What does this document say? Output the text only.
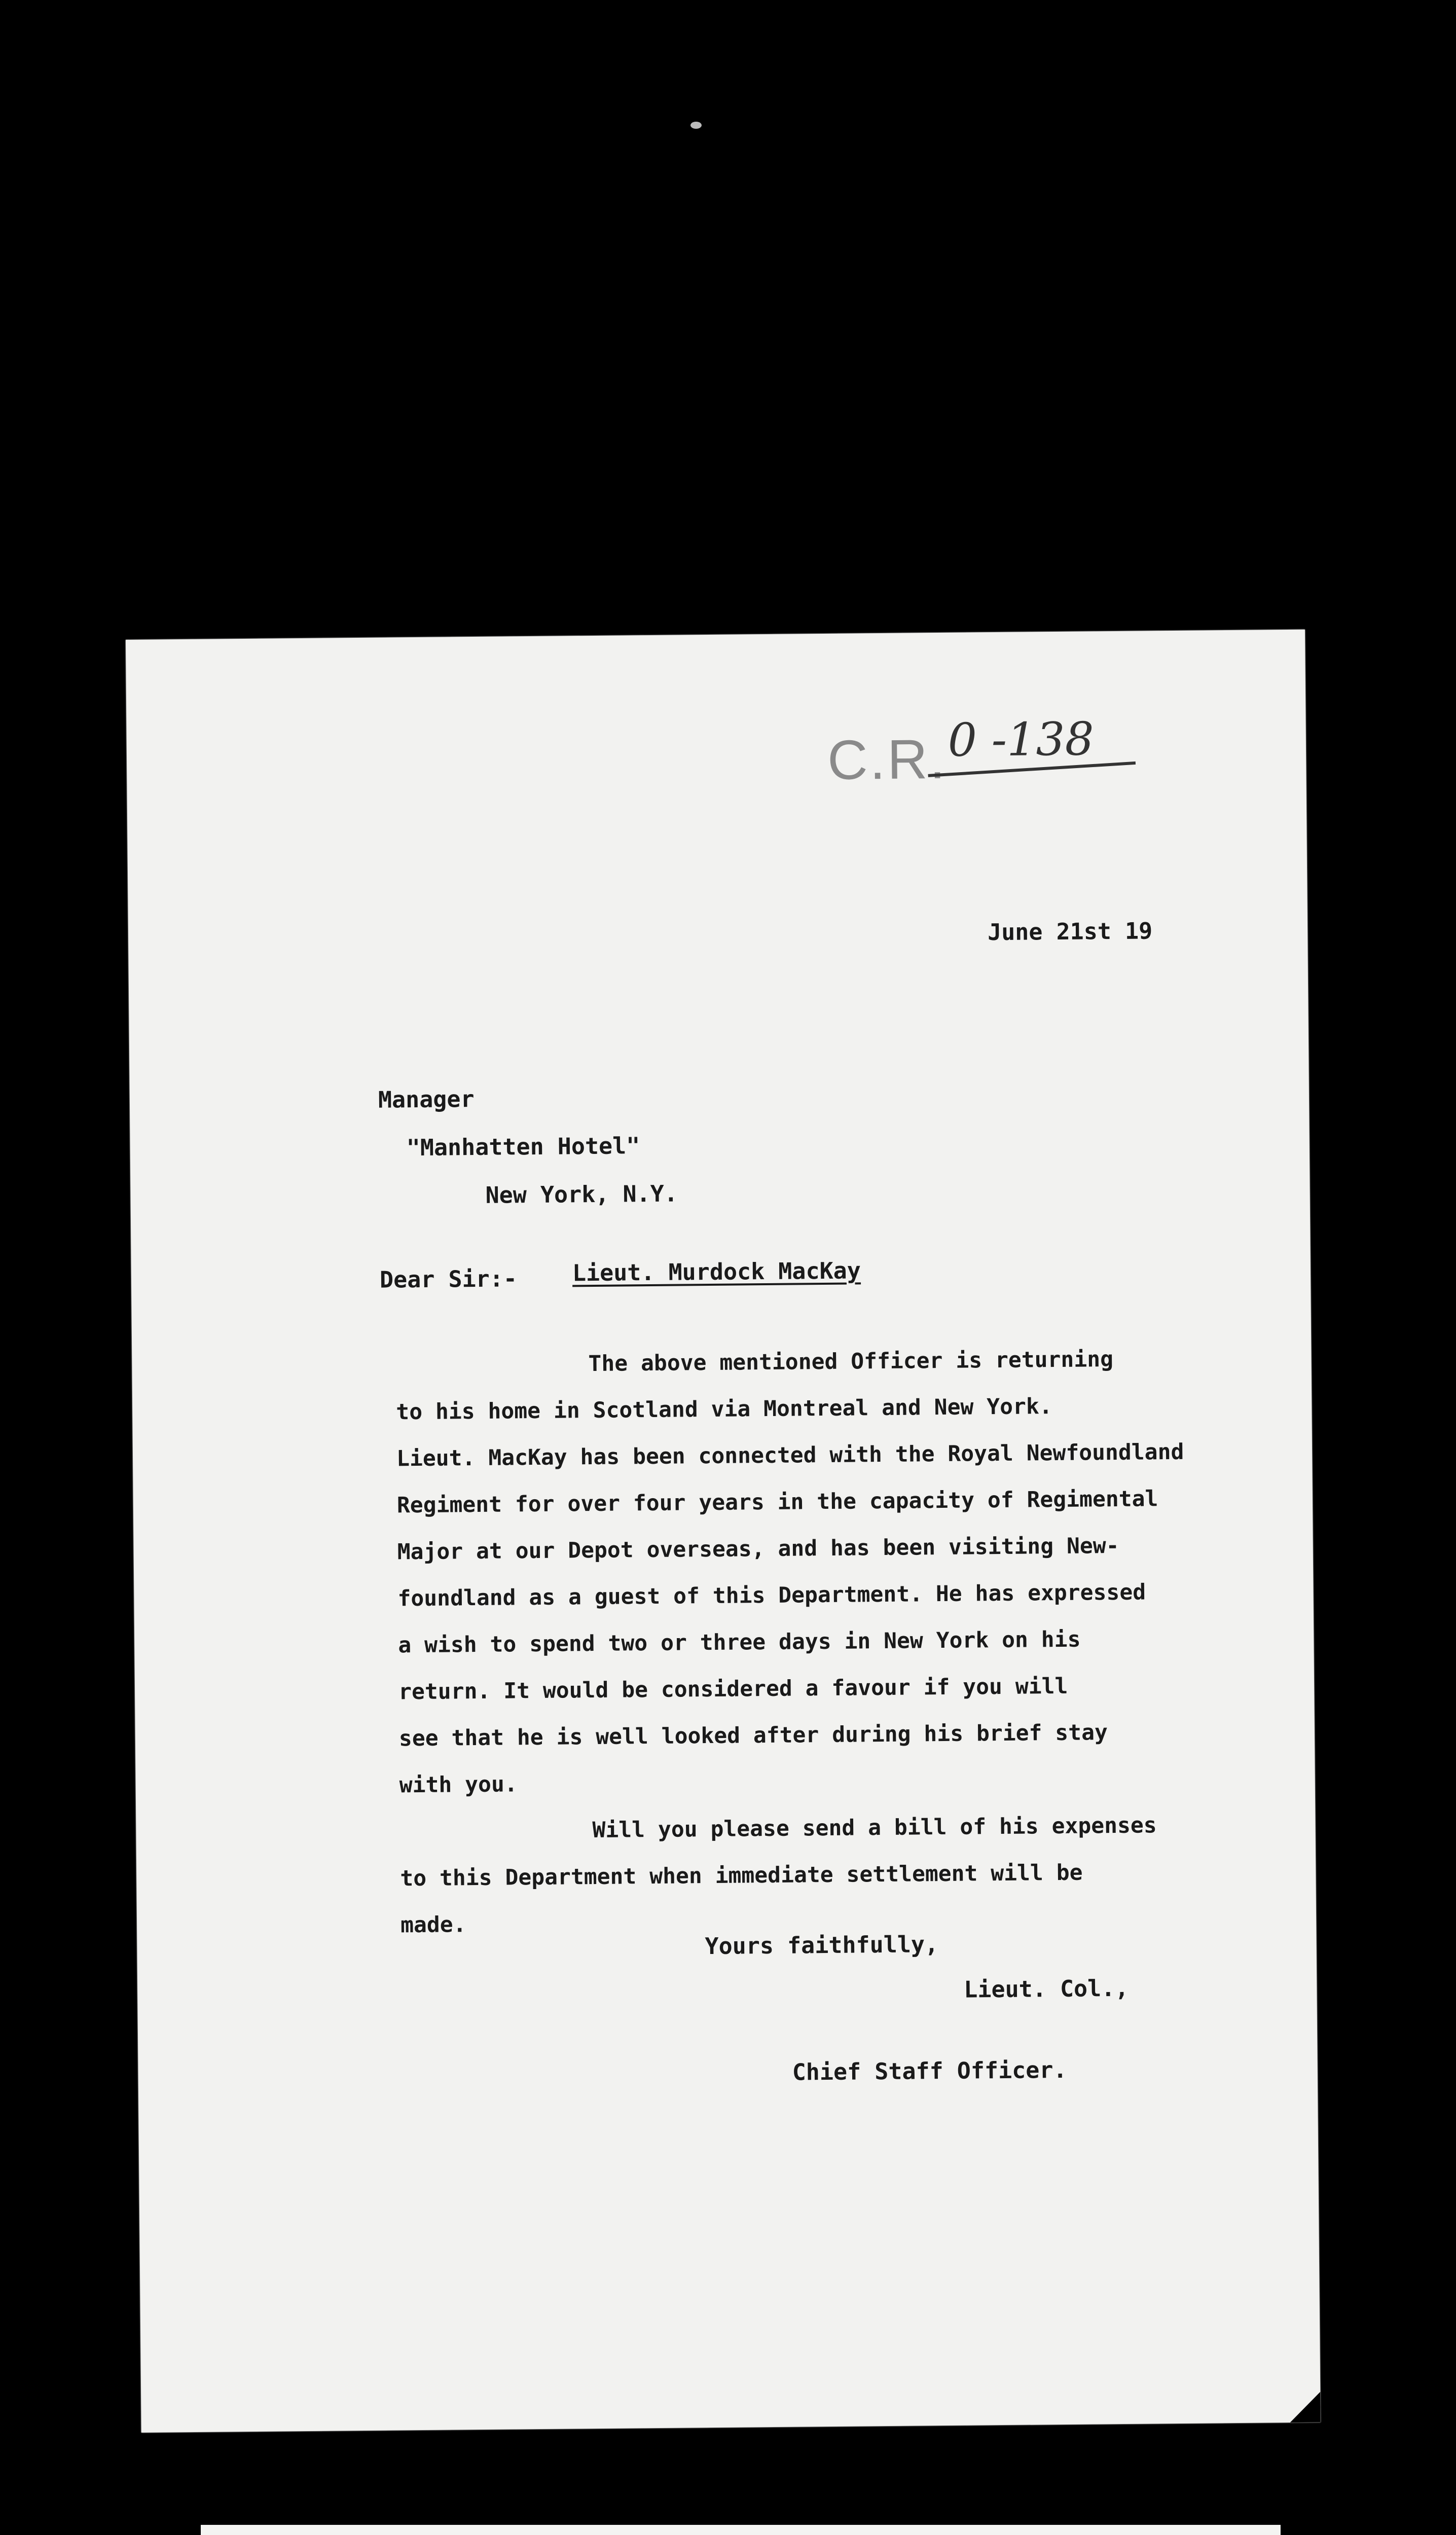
C.R. 0 -138
June 21st 19
Manager
"Manhatten Hotel"
New York, N.Y.
Dear Sir:- Lieut. Murdock MacKay
The above mentioned Officer is returning
to his home in Scotland via Montreal and New York.
Lieut. MacKay has been connected with the Royal Newfoundland
Regiment for over four years in the capacity of Regimental
Major at our Depot overseas, and has been visiting New-
foundland as a guest of this Department. He has expressed
a wish to spend two or three days in New York on his
return. It would be considered a favour if you will
see that he is well looked after during his brief stay
with you.
Will you please send a bill of his expenses
to this Department when immediate settlement will be
made.
Yours faithfully,
Lieut. Col.,
Chief Staff Officer.
